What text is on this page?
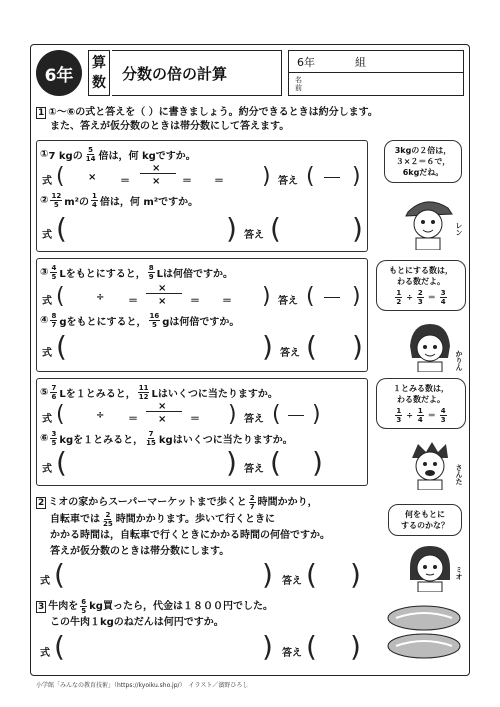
6年
算数
分数の倍の計算
6年	組
名
前
1 ①～⑥の式と答えを（ ）に書きましょう。約分できるときは約分します。
また、答えが仮分数のときは帯分数にして答えます。
① 7 kgの $\frac{5}{14}$ 倍は，何 kgですか。
式 ( × ＝
×
× ＝ ＝ ) 答え ( )
② $\frac{12}{5} m^2$の $\frac{1}{4}$ 倍は，何 m²ですか。
式 (	) 答え (	)
③ $\frac{4}{5}$ Lをもとにすると， $\frac{8}{9}$ Lは何倍ですか。
式 (	÷ ＝
×
× ＝ ＝ ) 答え ( )
④ $\frac{8}{7}$ gをもとにすると， $\frac{16}{5}$ gは何倍ですか。
式 (	) 答え ( )
⑤ $\frac{7}{6}$ Lを１とみると， $\frac{11}{12}$ Lはいくつに当たりますか。
式 (	÷ ＝
×
× ＝ ) 答え ( )
⑥ $\frac{3}{5}$ kgを１とみると， $\frac{7}{15}$ kgはいくつに当たりますか。
式 (	) 答え ( )
2 ミオの家からスーパーマーケットまで歩くと $\frac{2}{7}$ 時間かかり，
自転車では $\frac{2}{25}$ 時間かかります。歩いて行くときに
かかる時間は，自転車で行くときにかかる時間の何倍ですか。
答えが仮分数のときは帯分数にします。
式 (	) 答え ( )
3 牛肉を $\frac{6}{5}$ kg買ったら，代金は１８００円でした。
この牛肉１kgのねだんは何円ですか。
式 (	) 答え ( )
3kgの２倍は，
３×２＝６で，
6kgだね。
もとにする数は，
わる数だよ。
$\frac{1}{2} \div \frac{2}{3} = \frac{3}{4}$
１とみる数は，
わる数だよ。
$\frac{1}{3} \div \frac{1}{4} = \frac{4}{3}$
何をもとに
するのかな？
レン
かりん
さんた
ミオ
小学館「みんなの教育技術」（https://kyoiku.sho.jp/）　イラスト／濱野ひろし
